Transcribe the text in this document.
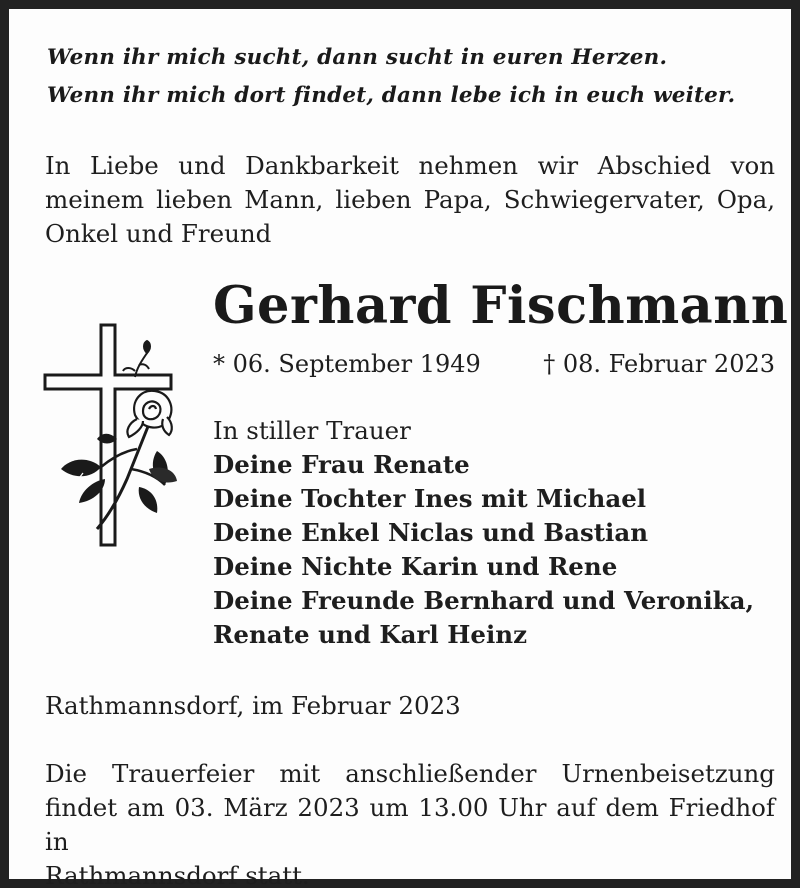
Wenn ihr mich sucht, dann sucht in euren Herzen.
Wenn ihr mich dort findet, dann lebe ich in euch weiter.
In Liebe und Dankbarkeit nehmen wir Abschied von
meinem lieben Mann, lieben Papa, Schwiegervater, Opa,
Onkel und Freund
Gerhard Fischmann
* 06. September 1949	† 08. Februar 2023
In stiller Trauer
Deine Frau Renate
Deine Tochter Ines mit Michael
Deine Enkel Niclas und Bastian
Deine Nichte Karin und Rene
Deine Freunde Bernhard und Veronika,
Renate und Karl Heinz
Rathmannsdorf, im Februar 2023
Die Trauerfeier mit anschließender Urnenbeisetzung
findet am 03. März 2023 um 13.00 Uhr auf dem Friedhof in
Rathmannsdorf statt.
